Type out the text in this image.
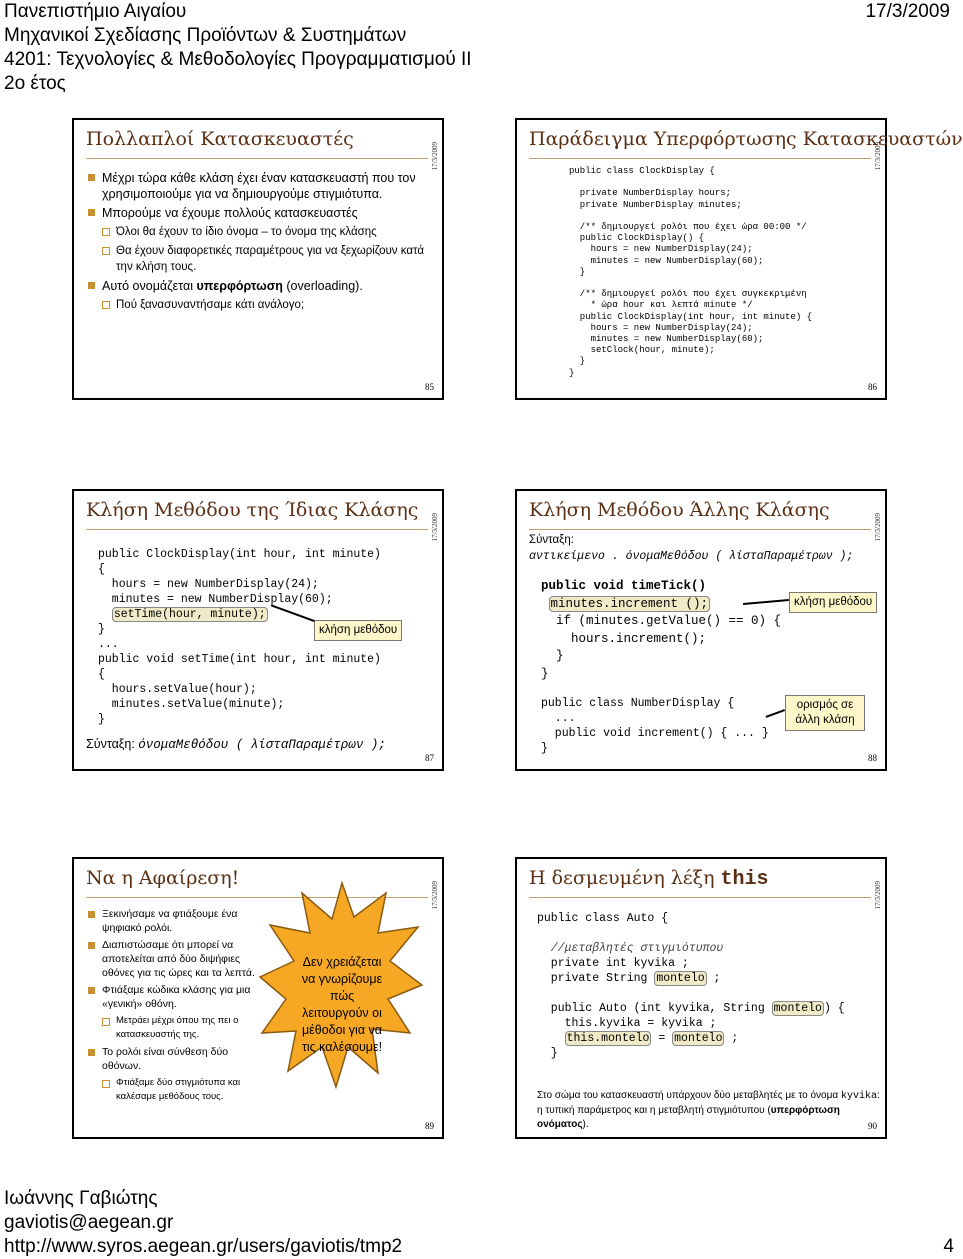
Πανεπιστήμιο Αιγαίου
Μηχανικοί Σχεδίασης Προϊόντων & Συστημάτων
4201: Τεχνολογίες & Μεθοδολογίες Προγραμματισμού ΙΙ
2ο έτος
17/3/2009
Πολλαπλοί Κατασκευαστές
17/3/2009
Μέχρι τώρα κάθε κλάση έχει έναν κατασκευαστή που τον χρησιμοποιούμε για να δημιουργούμε στιγμιότυπα.
Μπορούμε να έχουμε πολλούς κατασκευαστές
Όλοι θα έχουν το ίδιο όνομα – το όνομα της κλάσης
Θα έχουν διαφορετικές παραμέτρους για να ξεχωρίζουν κατά την κλήση τους.
Αυτό ονομάζεται υπερφόρτωση (overloading).
Πού ξανασυναντήσαμε κάτι ανάλογο;
85
Παράδειγμα Υπερφόρτωσης Κατασκευαστών
17/3/2009
public class ClockDisplay {

private NumberDisplay hours;
private NumberDisplay minutes;

/** δημιουργεί ρολόι που έχει ώρα 00:00 */
public ClockDisplay() {
hours = new NumberDisplay(24);
minutes = new NumberDisplay(60);
}

/** δημιουργεί ρολόι που έχει συγκεκριμένη
* ώρα hour και λεπτά minute */
public ClockDisplay(int hour, int minute) {
hours = new NumberDisplay(24);
minutes = new NumberDisplay(60);
setClock(hour, minute);
}
}
86
Κλήση Μεθόδου της Ίδιας Κλάσης
17/3/2009
public ClockDisplay(int hour, int minute)
{
hours = new NumberDisplay(24);
minutes = new NumberDisplay(60);
setTime(hour, minute);
}
...
public void setTime(int hour, int minute)
{
hours.setValue(hour);
minutes.setValue(minute);
}
κλήση μεθόδου
Σύνταξη: όνομαΜεθόδου ( λίσταΠαραμέτρων );
87
Κλήση Μεθόδου Άλλης Κλάσης
17/3/2009
Σύνταξη:
αντικείμενο . όνομαΜεθόδου ( λίσταΠαραμέτρων );
public void timeTick()
minutes.increment ();
if (minutes.getValue() == 0) {
hours.increment();
}
}
public class NumberDisplay {
...
public void increment() { ... }
}
κλήση μεθόδου
ορισμός σε άλλη κλάση
88
Να η Αφαίρεση!
17/3/2009
Ξεκινήσαμε να φτιάξουμε ένα ψηφιακό ρολόι.
Διαπιστώσαμε ότι μπορεί να αποτελείται από δύο διψήφιες οθόνες για τις ώρες και τα λεπτά.
Φτιάξαμε κώδικα κλάσης για μια «γενική» οθόνη.
Μετράει μέχρι όπου της πει ο κατασκευαστής της.
Το ρολόι είναι σύνθεση δύο οθόνων.
Φτιάξαμε δύο στιγμιότυπα και καλέσαμε μεθόδους τους.
Δεν χρειάζεται να γνωρίζουμε πώς λειτουργούν οι μέθοδοι για να τις καλέσουμε!
89
Η δεσμευμένη λέξη this
17/3/2009
public class Auto {

//μεταβλητές στιγμιότυπου
private int kyvika ;
private String montelo ;

public Auto (int kyvika, String montelo ) {
this.kyvika = kyvika ;
this.montelo = montelo ;
}
Στο σώμα του κατασκευαστή υπάρχουν δύο μεταβλητές με το όνομα kyvika:
η τυπική παράμετρος και η μεταβλητή στιγμιότυπου (υπερφόρτωση ονόματος).	90
Ιωάννης Γαβιώτης
gaviotis@aegean.gr
http://www.syros.aegean.gr/users/gaviotis/tmp2	4
